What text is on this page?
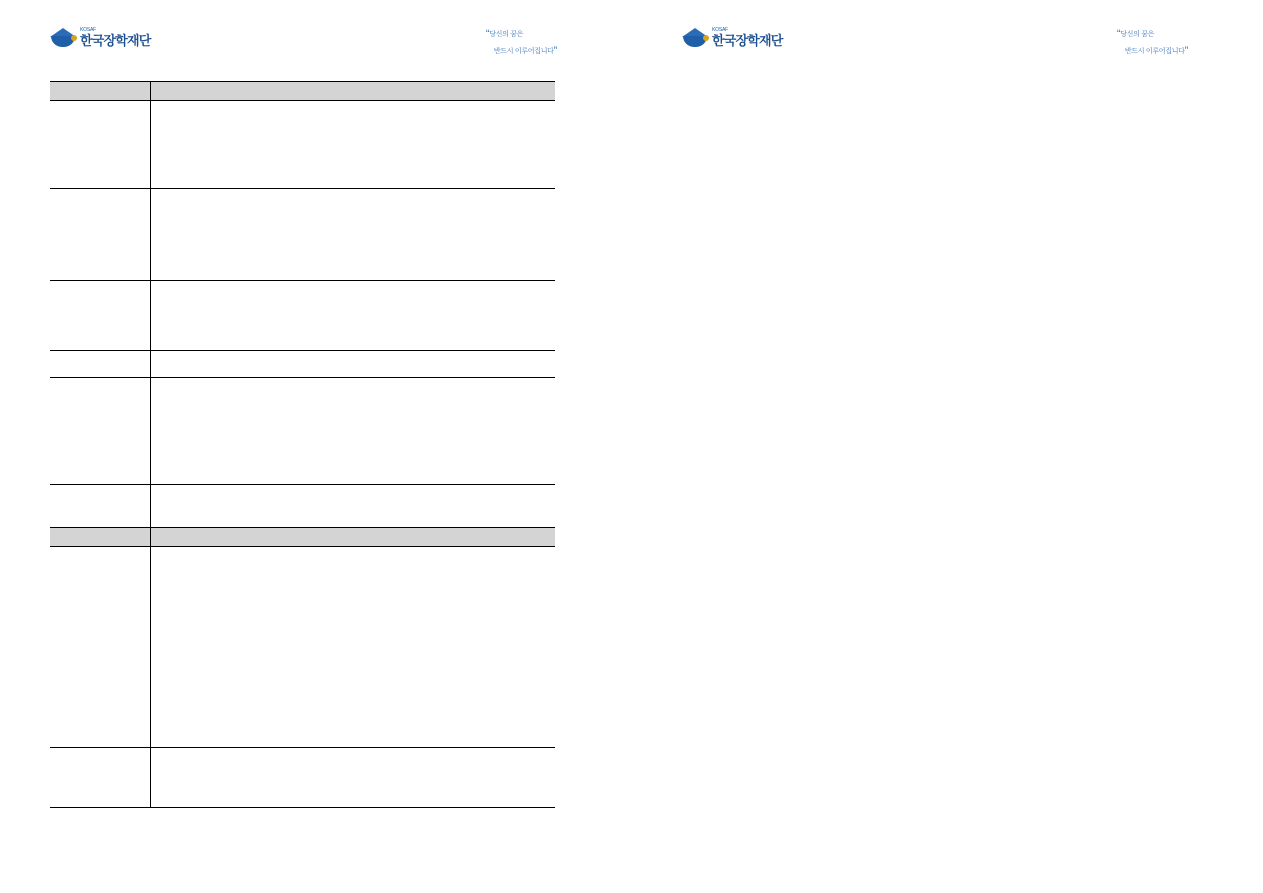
KOSAF
한국장학재단	“당신의 꿈은
반드시 이루어집니다”

KOSAF
한국장학재단	“당신의 꿈은
반드시 이루어집니다”
